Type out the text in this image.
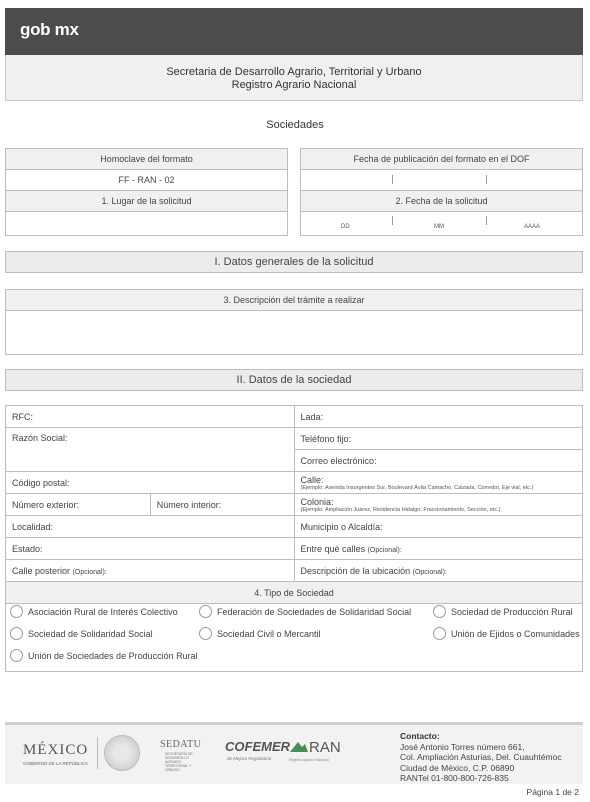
gob mx
Secretaria de Desarrollo Agrario, Territorial y Urbano
Registro Agrario Nacional
Sociedades
Homoclave del formato
FF - RAN - 02
1. Lugar de la solicitud
Fecha de publicación del formato en el DOF
2. Fecha de la solicitud
DD	MM	AAAA
I. Datos generales de la solicitud
3. Descripción del trámite a realizar
II. Datos de la sociedad
RFC:		Lada:
Razón Social:		Teléfono fijo:
		Correo electrónico:
Código postal:		Calle:
(Ejemplo: Avenida Insurgentes Sur, Boulevard Ávila Camacho, Calzada, Corredor, Eje vial, etc.)

Número exterior:	Número interior:	Colonia:
(Ejemplo: Ampliación Juárez, Residencia Hidalgo, Fraccionamiento, Sección, etc.)

Localidad:		Municipio o Alcaldía:
Estado:		Entre qué calles (Opcional):
Calle posterior (Opcional):		Descripción de la ubicación (Opcional):
4. Tipo de Sociedad		

Asociación Rural de Interés Colectivo	Federación de Sociedades de Solidaridad Social	Sociedad de Producción Rural
Sociedad de Solidaridad Social	Sociedad Civil o Mercantil	Unión de Ejidos o Comunidades
Unión de Sociedades de Producción Rural
MÉXICO
GOBIERNO DE LA REPÚBLICA
SEDATU
SECRETARÍA DE DESARROLLO AGRARIO, TERRITORIAL Y URBANO
COFEMER
de Mejora Regulatoria
RAN
Registro Agrario Nacional
Contacto:
José Antonio Torres número 661,
Col. Ampliación Asturias, Del. Cuauhtémoc
Ciudad de México, C.P. 06890
RANTel 01-800-800-726-835
Página 1 de 2
